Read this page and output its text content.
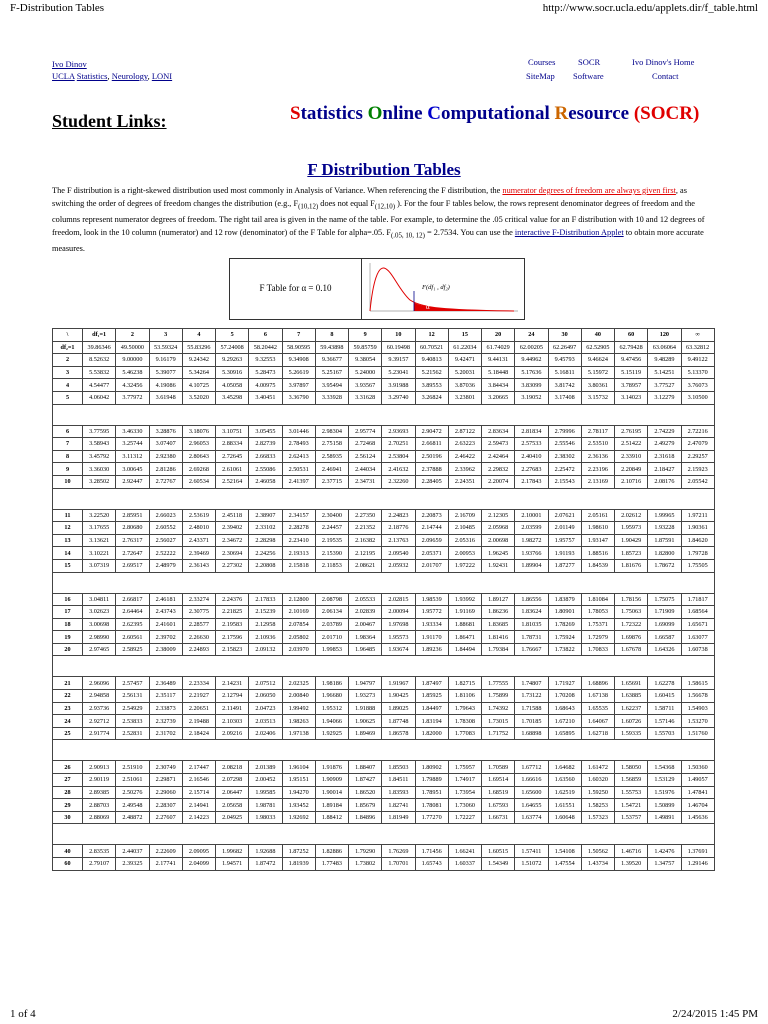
F-Distribution Tables	http://www.socr.ucla.edu/applets.dir/f_table.html
Ivo Dinov
UCLA Statistics, Neurology, LONI
Courses
SiteMap
SOCR
Software
Ivo Dinov's Home
Contact
Student Links:	Statistics Online Computational Resource (SOCR)
F Distribution Tables
The F distribution is a right-skewed distribution used most commonly in Analysis of Variance. When referencing the F distribution, the numerator degrees of freedom are always given first, as switching the order of degrees of freedom changes the distribution (e.g., $F_{(10,12)}$ does not equal $F_{(12,10)}$ ). For the four F tables below, the rows represent denominator degrees of freedom and the columns represent numerator degrees of freedom. The right tail area is given in the name of the table. For example, to determine the .05 critical value for an F distribution with 10 and 12 degrees of freedom, look in the 10 column (numerator) and 12 row (denominator) of the F Table for alpha=.05. $F_{(.05, 10, 12)} = 2.7534$. You can use the interactive F-Distribution Applet to obtain more accurate measures.
F Table for α = 0.10	F(df₁ , df₂)
α
\	df₁=1	2	3	4	5	6	7	8	9	10	12	15	20	24	30	40	60	120	∞
df₂=1	39.86346	49.50000	53.59324	55.83296	57.24008	58.20442	58.90595	59.43898	59.85759	60.19498	60.70521	61.22034	61.74029	62.00205	62.26497	62.52905	62.79428	63.06064	63.32812
2	8.52632	9.00000	9.16179	9.24342	9.29263	9.32553	9.34908	9.36677	9.38054	9.39157	9.40813	9.42471	9.44131	9.44962	9.45793	9.46624	9.47456	9.48289	9.49122
3	5.53832	5.46238	5.39077	5.34264	5.30916	5.28473	5.26619	5.25167	5.24000	5.23041	5.21562	5.20031	5.18448	5.17636	5.16811	5.15972	5.15119	5.14251	5.13370
4	4.54477	4.32456	4.19086	4.10725	4.05058	4.00975	3.97897	3.95494	3.93567	3.91988	3.89553	3.87036	3.84434	3.83099	3.81742	3.80361	3.78957	3.77527	3.76073
5	4.06042	3.77972	3.61948	3.52020	3.45298	3.40451	3.36790	3.33928	3.31628	3.29740	3.26824	3.23801	3.20665	3.19052	3.17408	3.15732	3.14023	3.12279	3.10500

6	3.77595	3.46330	3.28876	3.18076	3.10751	3.05455	3.01446	2.98304	2.95774	2.93693	2.90472	2.87122	2.83634	2.81834	2.79996	2.78117	2.76195	2.74229	2.72216
7	3.58943	3.25744	3.07407	2.96053	2.88334	2.82739	2.78493	2.75158	2.72468	2.70251	2.66811	2.63223	2.59473	2.57533	2.55546	2.53510	2.51422	2.49279	2.47079
8	3.45792	3.11312	2.92380	2.80643	2.72645	2.66833	2.62413	2.58935	2.56124	2.53804	2.50196	2.46422	2.42464	2.40410	2.38302	2.36136	2.33910	2.31618	2.29257
9	3.36030	3.00645	2.81286	2.69268	2.61061	2.55086	2.50531	2.46941	2.44034	2.41632	2.37888	2.33962	2.29832	2.27683	2.25472	2.23196	2.20849	2.18427	2.15923
10	3.28502	2.92447	2.72767	2.60534	2.52164	2.46058	2.41397	2.37715	2.34731	2.32260	2.28405	2.24351	2.20074	2.17843	2.15543	2.13169	2.10716	2.08176	2.05542

11	3.22520	2.85951	2.66023	2.53619	2.45118	2.38907	2.34157	2.30400	2.27350	2.24823	2.20873	2.16709	2.12305	2.10001	2.07621	2.05161	2.02612	1.99965	1.97211
12	3.17655	2.80680	2.60552	2.48010	2.39402	2.33102	2.28278	2.24457	2.21352	2.18776	2.14744	2.10485	2.05968	2.03599	2.01149	1.98610	1.95973	1.93228	1.90361
13	3.13621	2.76317	2.56027	2.43371	2.34672	2.28298	2.23410	2.19535	2.16382	2.13763	2.09659	2.05316	2.00698	1.98272	1.95757	1.93147	1.90429	1.87591	1.84620
14	3.10221	2.72647	2.52222	2.39469	2.30694	2.24256	2.19313	2.15390	2.12195	2.09540	2.05371	2.00953	1.96245	1.93766	1.91193	1.88516	1.85723	1.82800	1.79728
15	3.07319	2.69517	2.48979	2.36143	2.27302	2.20808	2.15818	2.11853	2.08621	2.05932	2.01707	1.97222	1.92431	1.89904	1.87277	1.84539	1.81676	1.78672	1.75505

16	3.04811	2.66817	2.46181	2.33274	2.24376	2.17833	2.12800	2.08798	2.05533	2.02815	1.98539	1.93992	1.89127	1.86556	1.83879	1.81084	1.78156	1.75075	1.71817
17	3.02623	2.64464	2.43743	2.30775	2.21825	2.15239	2.10169	2.06134	2.02839	2.00094	1.95772	1.91169	1.86236	1.83624	1.80901	1.78053	1.75063	1.71909	1.68564
18	3.00698	2.62395	2.41601	2.28577	2.19583	2.12958	2.07854	2.03789	2.00467	1.97698	1.93334	1.88681	1.83685	1.81035	1.78269	1.75371	1.72322	1.69099	1.65671
19	2.98990	2.60561	2.39702	2.26630	2.17596	2.10936	2.05802	2.01710	1.98364	1.95573	1.91170	1.86471	1.81416	1.78731	1.75924	1.72979	1.69876	1.66587	1.63077
20	2.97465	2.58925	2.38009	2.24893	2.15823	2.09132	2.03970	1.99853	1.96485	1.93674	1.89236	1.84494	1.79384	1.76667	1.73822	1.70833	1.67678	1.64326	1.60738

21	2.96096	2.57457	2.36489	2.23334	2.14231	2.07512	2.02325	1.98186	1.94797	1.91967	1.87497	1.82715	1.77555	1.74807	1.71927	1.68896	1.65691	1.62278	1.58615
22	2.94858	2.56131	2.35117	2.21927	2.12794	2.06050	2.00840	1.96680	1.93273	1.90425	1.85925	1.81106	1.75899	1.73122	1.70208	1.67138	1.63885	1.60415	1.56678
23	2.93736	2.54929	2.33873	2.20651	2.11491	2.04723	1.99492	1.95312	1.91888	1.89025	1.84497	1.79643	1.74392	1.71588	1.68643	1.65535	1.62237	1.58711	1.54903
24	2.92712	2.53833	2.32739	2.19488	2.10303	2.03513	1.98263	1.94066	1.90625	1.87748	1.83194	1.78308	1.73015	1.70185	1.67210	1.64067	1.60726	1.57146	1.53270
25	2.91774	2.52831	2.31702	2.18424	2.09216	2.02406	1.97138	1.92925	1.89469	1.86578	1.82000	1.77083	1.71752	1.68898	1.65895	1.62718	1.59335	1.55703	1.51760

26	2.90913	2.51910	2.30749	2.17447	2.08218	2.01389	1.96104	1.91876	1.88407	1.85503	1.80902	1.75957	1.70589	1.67712	1.64682	1.61472	1.58050	1.54368	1.50360
27	2.90119	2.51061	2.29871	2.16546	2.07298	2.00452	1.95151	1.90909	1.87427	1.84511	1.79889	1.74917	1.69514	1.66616	1.63560	1.60320	1.56859	1.53129	1.49057
28	2.89385	2.50276	2.29060	2.15714	2.06447	1.99585	1.94270	1.90014	1.86520	1.83593	1.78951	1.73954	1.68519	1.65600	1.62519	1.59250	1.55753	1.51976	1.47841
29	2.88703	2.49548	2.28307	2.14941	2.05658	1.98781	1.93452	1.89184	1.85679	1.82741	1.78081	1.73060	1.67593	1.64655	1.61551	1.58253	1.54721	1.50899	1.46704
30	2.88069	2.48872	2.27607	2.14223	2.04925	1.98033	1.92692	1.88412	1.84896	1.81949	1.77270	1.72227	1.66731	1.63774	1.60648	1.57323	1.53757	1.49891	1.45636

40	2.83535	2.44037	2.22609	2.09095	1.99682	1.92688	1.87252	1.82886	1.79290	1.76269	1.71456	1.66241	1.60515	1.57411	1.54108	1.50562	1.46716	1.42476	1.37691
60	2.79107	2.39325	2.17741	2.04099	1.94571	1.87472	1.81939	1.77483	1.73802	1.70701	1.65743	1.60337	1.54349	1.51072	1.47554	1.43734	1.39520	1.34757	1.29146
1 of 4	2/24/2015 1:45 PM
